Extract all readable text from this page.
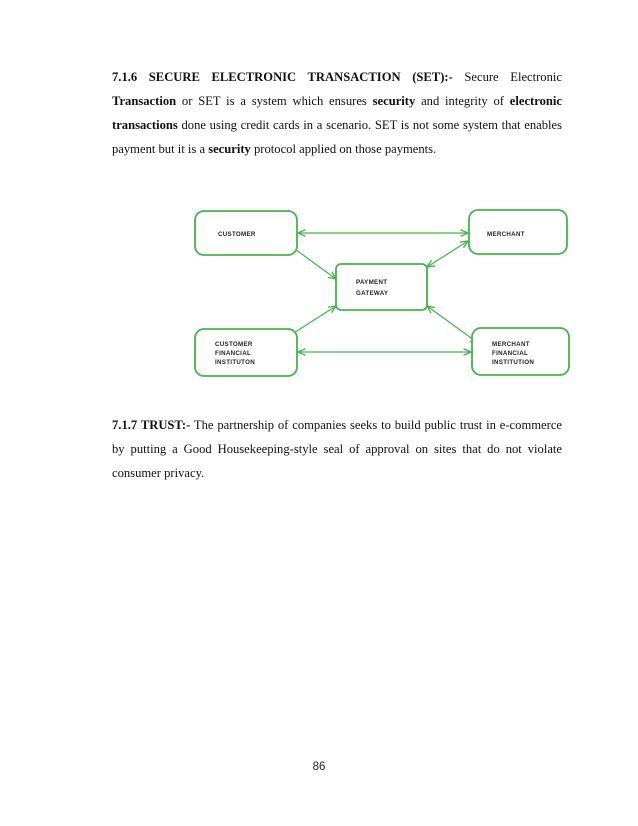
7.1.6 SECURE ELECTRONIC TRANSACTION (SET):- Secure Electronic Transaction or SET is a system which ensures security and integrity of electronic transactions done using credit cards in a scenario. SET is not some system that enables payment but it is a security protocol applied on those payments.

CUSTOMER	MERCHANT
PAYMENT
GATEWAY
CUSTOMER
FINANCIAL
INSTITUTON
MERCHANT
FINANCIAL
INSTITUTION

7.1.7 TRUST:- The partnership of companies seeks to build public trust in e-commerce by putting a Good Housekeeping-style seal of approval on sites that do not violate consumer privacy.

86
